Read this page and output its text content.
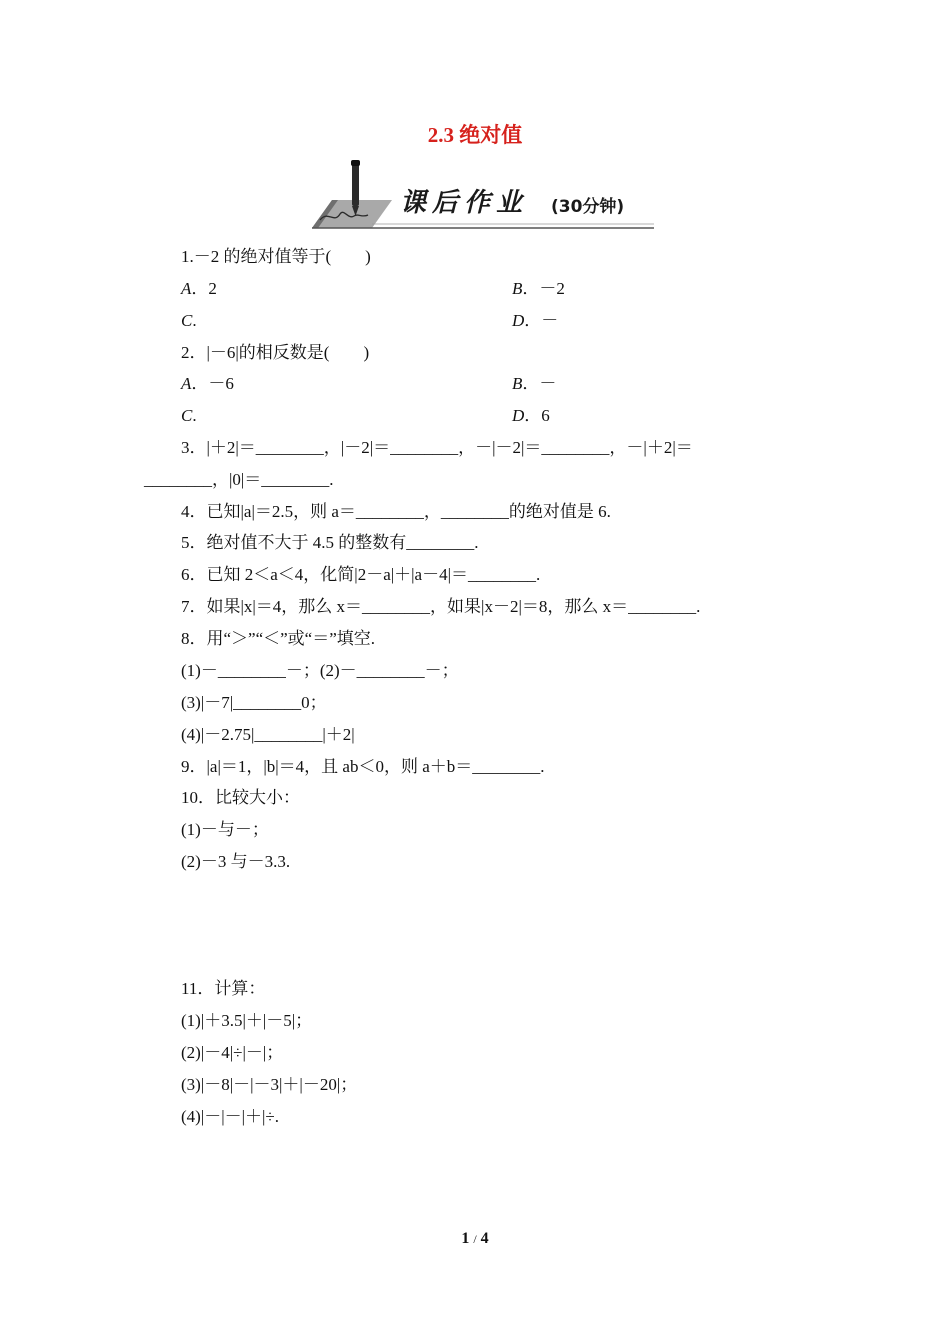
2.3 绝对值
课后作业 (30分钟)
1.－2 的绝对值等于(　　)
A．2	B．－2
C.	D．－
2．|－6|的相反数是(　　)
A．－6	B．－
C.	D．6
3．|＋2|＝________，|－2|＝________，－|－2|＝________，－|＋2|＝
________，|0|＝________.
4．已知|a|＝2.5，则 a＝________，________的绝对值是 6.
5．绝对值不大于 4.5 的整数有________.
6．已知 2＜a＜4，化简|2－a|＋|a－4|＝________.
7．如果|x|＝4，那么 x＝________，如果|x－2|＝8，那么 x＝________.
8．用“＞”“＜”或“＝”填空.
(1)－________－；(2)－________－；
(3)|－7|________0；
(4)|－2.75|________|＋2|
9．|a|＝1，|b|＝4，且 ab＜0，则 a＋b＝________.
10．比较大小：
(1)－与－；
(2)－3 与－3.3.
11．计算：
(1)|＋3.5|＋|－5|；
(2)|－4|÷|－|；
(3)|－8|－|－3|＋|－20|；
(4)|－|－|＋|÷.
1 / 4
